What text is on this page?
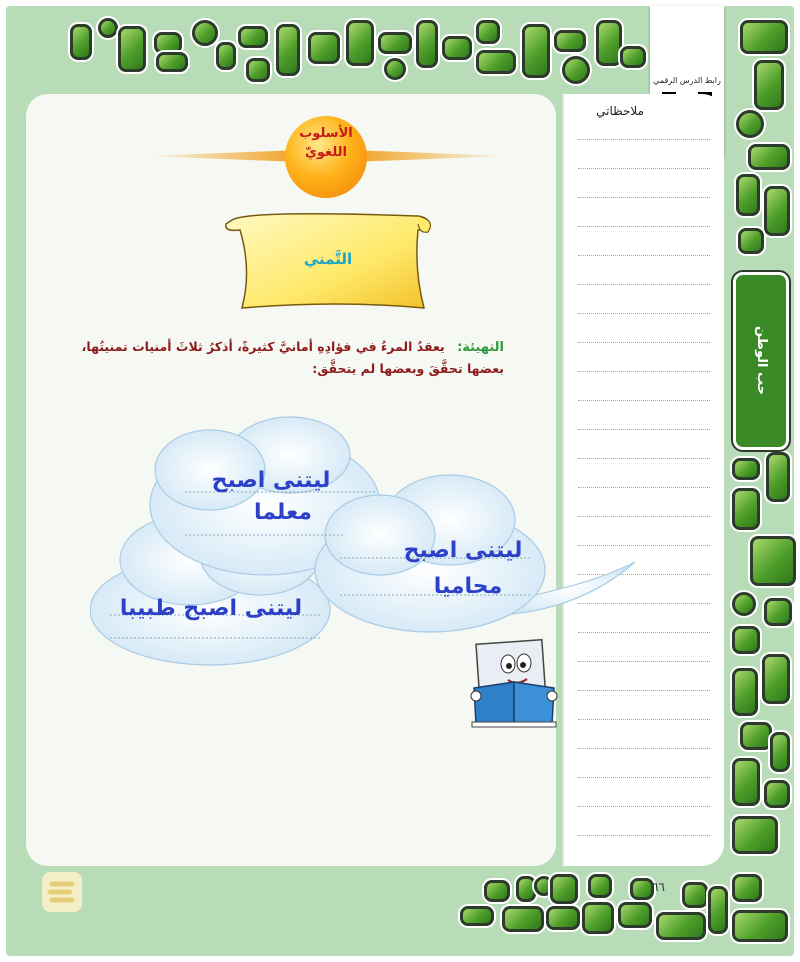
رابط الدرس الرقمي
حب الوطن
ملاحظاتي
الأسلوب اللغويّ
التَّمني
التهيئة: يعقدُ المرءُ في فؤادِهِ أمانيَّ كثيرةً، أذكرُ ثلاثَ أمنيات تمنيتُها، بعضها تحقَّقَ وبعضها لم يتحقَّق:
ليتنى اصبح
معلما
ليتنى اصبح
محاميا
ليتنى اصبح طبيبا
٦٦
